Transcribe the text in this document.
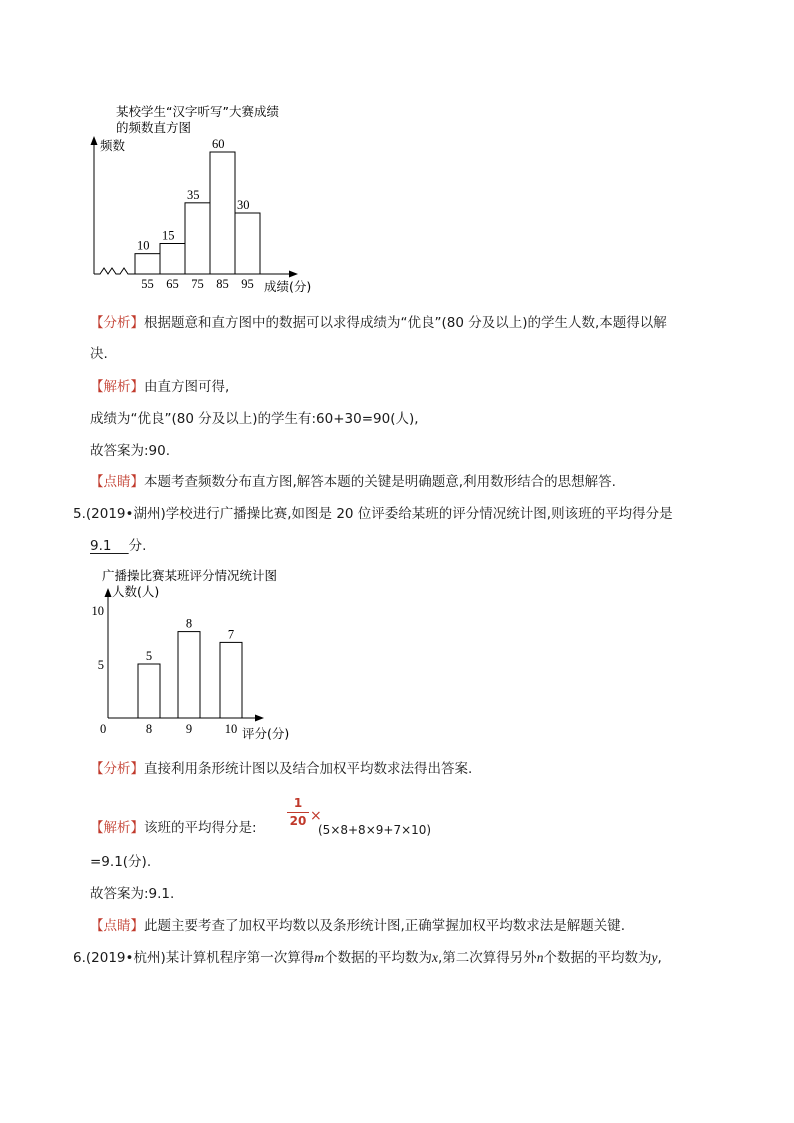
某校学生“汉字听写”大赛成绩
的频数直方图
频数
成绩(分)
10
15
35
60
30
55 65 75 85 95
【分析】根据题意和直方图中的数据可以求得成绩为“优良”(80 分及以上)的学生人数,本题得以解
决.
【解析】由直方图可得,
成绩为“优良”(80 分及以上)的学生有:60+30=90(人),
故答案为:90.
【点睛】本题考查频数分布直方图,解答本题的关键是明确题意,利用数形结合的思想解答.
5.(2019•湖州)学校进行广播操比赛,如图是 20 位评委给某班的评分情况统计图,则该班的平均得分是
9.1 分.
广播操比赛某班评分情况统计图
人数(人)
0	评分(分)
5
10
5
8
8
9
7
10
【分析】直接利用条形统计图以及结合加权平均数求法得出答案.
【解析】该班的平均得分是:	$\frac{1}{20}$ ×
(5×8+8×9+7×10)
=9.1(分).
故答案为:9.1.
【点睛】此题主要考查了加权平均数以及条形统计图,正确掌握加权平均数求法是解题关键.
6.(2019•杭州)某计算机程序第一次算得m个数据的平均数为x,第二次算得另外n个数据的平均数为y,
